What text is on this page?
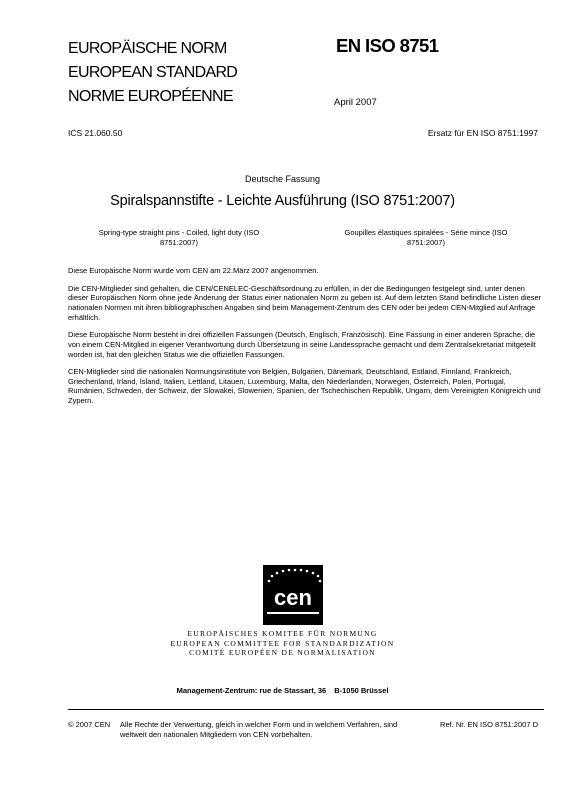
EUROPÄISCHE NORM
EUROPEAN STANDARD
NORME EUROPÉENNE
EN ISO 8751
April 2007
ICS 21.060.50	Ersatz für EN ISO 8751:1997
Deutsche Fassung
Spiralspannstifte - Leichte Ausführung (ISO 8751:2007)
Spring-type straight pins - Coiled, light duty (ISO 8751:2007)
Goupilles élastiques spiralées - Série mince (ISO 8751:2007)

Diese Europäische Norm wurde vom CEN am 22.März 2007 angenommen.

Die CEN-Mitglieder sind gehalten, die CEN/CENELEC-Geschäftsordnung zu erfüllen, in der die Bedingungen festgelegt sind, unter denen dieser Europäischen Norm ohne jede Änderung der Status einer nationalen Norm zu geben ist. Auf dem letzten Stand befindliche Listen dieser nationalen Normen mit ihren bibliographischen Angaben sind beim Management-Zentrum des CEN oder bei jedem CEN-Mitglied auf Anfrage erhältlich.

Diese Europäische Norm besteht in drei offiziellen Fassungen (Deutsch, Englisch, Französisch). Eine Fassung in einer anderen Sprache, die von einem CEN-Mitglied in eigener Verantwortung durch Übersetzung in seine Landessprache gemacht und dem Zentralsekretariat mitgeteilt worden ist, hat den gleichen Status wie die offiziellen Fassungen.

CEN-Mitglieder sind die nationalen Normungsinstitute von Belgien, Bulgarien, Dänemark, Deutschland, Estland, Finnland, Frankreich, Griechenland, Irland, Island, Italien, Lettland, Litauen, Luxemburg, Malta, den Niederlanden, Norwegen, Österreich, Polen, Portugal, Rumänien, Schweden, der Schweiz, der Slowakei, Slowenien, Spanien, der Tschechischen Republik, Ungarn, dem Vereinigten Königreich und Zypern.

cen
EUROPÄISCHES KOMITEE FÜR NORMUNG
EUROPEAN COMMITTEE FOR STANDARDIZATION
COMITÉ EUROPÉEN DE NORMALISATION
Management-Zentrum: rue de Stassart, 36 B-1050 Brüssel
© 2007 CEN Alle Rechte der Verwertung, gleich in welcher Form und in welchem Verfahren, sind weltweit den nationalen Mitgliedern von CEN vorbehalten.
Ref. Nr. EN ISO 8751:2007 D
